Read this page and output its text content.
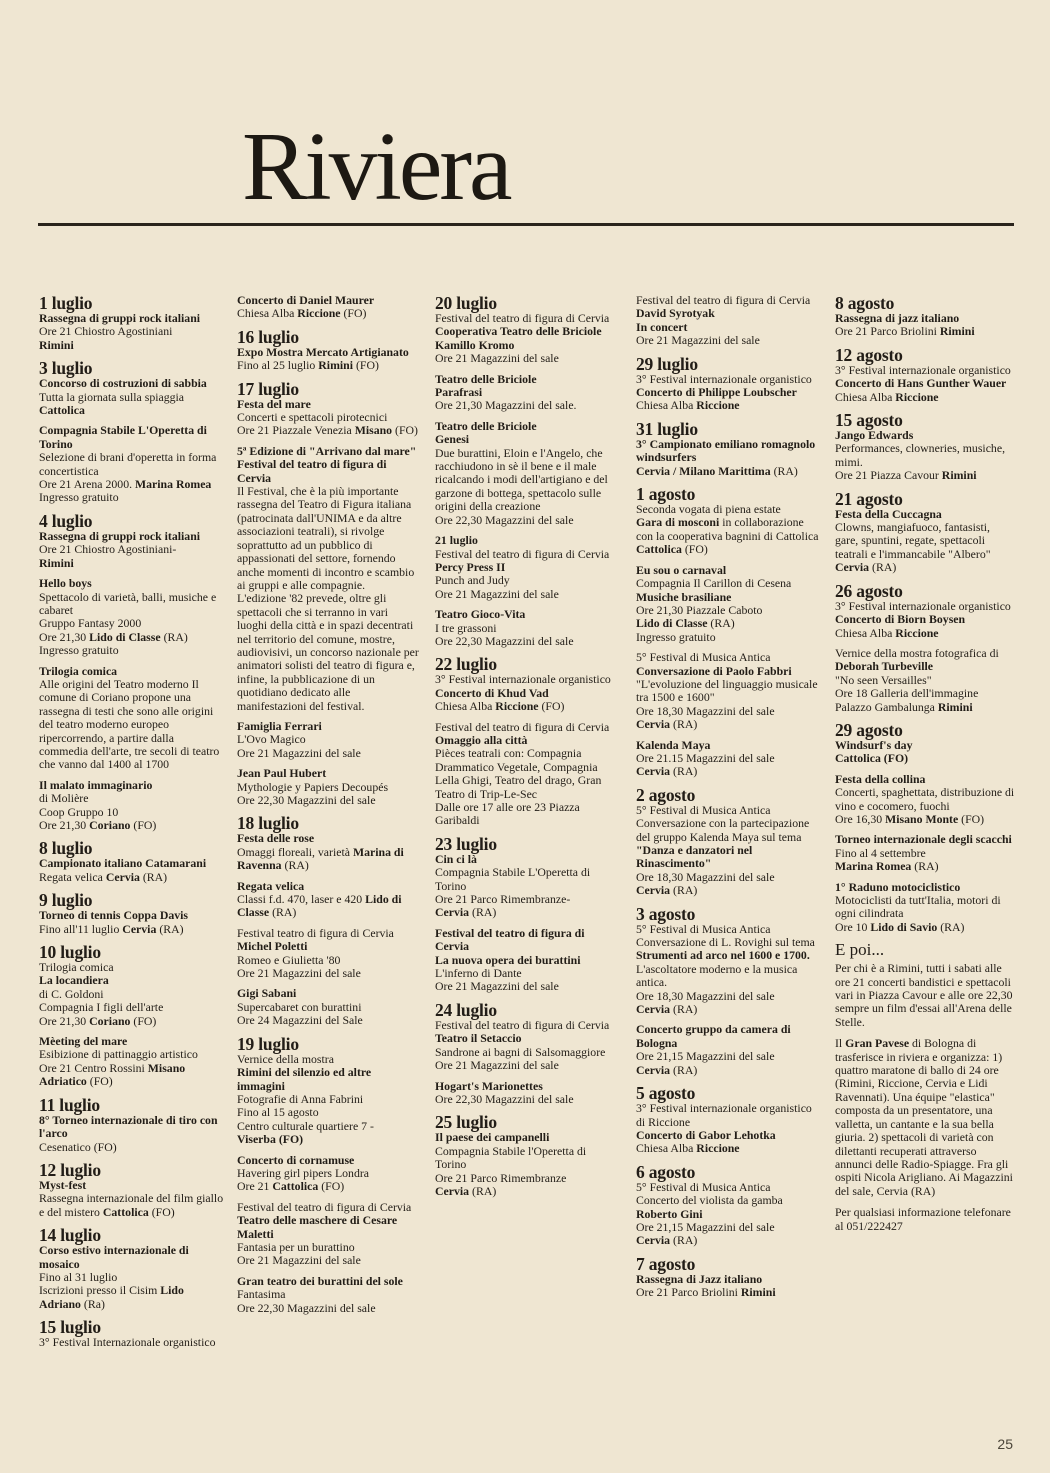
Riviera
1 luglio
Rassegna di gruppi rock italiani
Ore 21 Chiostro Agostiniani
Rimini
3 luglio
Concorso di costruzioni di sabbia
Tutta la giornata sulla spiaggia
Cattolica
Compagnia Stabile L'Operetta di Torino
Selezione di brani d'operetta in forma concertistica
Ore 21 Arena 2000. Marina Romea
Ingresso gratuito
4 luglio
Rassegna di gruppi rock italiani
Ore 21 Chiostro Agostiniani-
Rimini
Hello boys
Spettacolo di varietà, balli, musiche e cabaret
Gruppo Fantasy 2000
Ore 21,30 Lido di Classe (RA)
Ingresso gratuito
Trilogia comica
Alle origini del Teatro moderno Il comune di Coriano propone una rassegna di testi che sono alle origini del teatro moderno europeo ripercorrendo, a partire dalla commedia dell'arte, tre secoli di teatro che vanno dal 1400 al 1700
Il malato immaginario
di Molière
Coop Gruppo 10
Ore 21,30 Coriano (FO)
8 luglio
Campionato italiano Catamarani
Regata velica Cervia (RA)
9 luglio
Torneo di tennis Coppa Davis
Fino all'11 luglio Cervia (RA)
10 luglio
Trilogia comica
La locandiera
di C. Goldoni
Compagnia I figli dell'arte
Ore 21,30 Coriano (FO)
Mèeting del mare
Esibizione di pattinaggio artistico
Ore 21 Centro Rossini Misano Adriatico (FO)
11 luglio
8° Torneo internazionale di tiro con l'arco
Cesenatico (FO)
12 luglio
Myst-fest
Rassegna internazionale del film giallo e del mistero Cattolica (FO)
14 luglio
Corso estivo internazionale di mosaico
Fino al 31 luglio
Iscrizioni presso il Cisim Lido Adriano (Ra)
15 luglio
3° Festival Internazionale organistico
Concerto di Daniel Maurer
Chiesa Alba Riccione (FO)
16 luglio
Expo Mostra Mercato Artigianato
Fino al 25 luglio Rimini (FO)
17 luglio
Festa del mare
Concerti e spettacoli pirotecnici
Ore 21 Piazzale Venezia Misano (FO)
5ª Edizione di "Arrivano dal mare"
Festival del teatro di figura di Cervia
Il Festival, che è la più importante rassegna del Teatro di Figura italiana (patrocinata dall'UNIMA e da altre associazioni teatrali), si rivolge soprattutto ad un pubblico di appassionati del settore, fornendo anche momenti di incontro e scambio ai gruppi e alle compagnie.
L'edizione '82 prevede, oltre gli spettacoli che si terranno in vari luoghi della città e in spazi decentrati nel territorio del comune, mostre, audiovisivi, un concorso nazionale per animatori solisti del teatro di figura e, infine, la pubblicazione di un quotidiano dedicato alle manifestazioni del festival.
Famiglia Ferrari
L'Ovo Magico
Ore 21 Magazzini del sale
Jean Paul Hubert
Mythologie y Papiers Decoupés
Ore 22,30 Magazzini del sale
18 luglio
Festa delle rose
Omaggi floreali, varietà Marina di Ravenna (RA)
Regata velica
Classi f.d. 470, laser e 420 Lido di Classe (RA)
Festival teatro di figura di Cervia
Michel Poletti
Romeo e Giulietta '80
Ore 21 Magazzini del sale
Gigi Sabani
Supercabaret con burattini
Ore 24 Magazzini del Sale
19 luglio
Vernice della mostra
Rimini del silenzio ed altre immagini
Fotografie di Anna Fabrini
Fino al 15 agosto
Centro culturale quartiere 7 -
Viserba (FO)
Concerto di cornamuse
Havering girl pipers Londra
Ore 21 Cattolica (FO)
Festival del teatro di figura di Cervia
Teatro delle maschere di Cesare Maletti
Fantasia per un burattino
Ore 21 Magazzini del sale
Gran teatro dei burattini del sole
Fantasima
Ore 22,30 Magazzini del sale
20 luglio
Festival del teatro di figura di Cervia
Cooperativa Teatro delle Briciole Kamillo Kromo
Ore 21 Magazzini del sale
Teatro delle Briciole
Parafrasi
Ore 21,30 Magazzini del sale.
Teatro delle Briciole
Genesi
Due burattini, Eloin e l'Angelo, che racchiudono in sè il bene e il male ricalcando i modi dell'artigiano e del garzone di bottega, spettacolo sulle origini della creazione
Ore 22,30 Magazzini del sale
21 luglio
Festival del teatro di figura di Cervia
Percy Press II
Punch and Judy
Ore 21 Magazzini del sale
Teatro Gioco-Vita
I tre grassoni
Ore 22,30 Magazzini del sale
22 luglio
3° Festival internazionale organistico
Concerto di Khud Vad
Chiesa Alba Riccione (FO)
Festival del teatro di figura di Cervia
Omaggio alla città
Pièces teatrali con: Compagnia Drammatico Vegetale, Compagnia Lella Ghigi, Teatro del drago, Gran Teatro di Trip-Le-Sec
Dalle ore 17 alle ore 23 Piazza Garibaldi
23 luglio
Cin ci là
Compagnia Stabile L'Operetta di Torino
Ore 21 Parco Rimembranze-
Cervia (RA)
Festival del teatro di figura di Cervia
La nuova opera dei burattini
L'inferno di Dante
Ore 21 Magazzini del sale
24 luglio
Festival del teatro di figura di Cervia
Teatro il Setaccio
Sandrone ai bagni di Salsomaggiore
Ore 21 Magazzini del sale
Hogart's Marionettes
Ore 22,30 Magazzini del sale
25 luglio
Il paese dei campanelli
Compagnia Stabile l'Operetta di Torino
Ore 21 Parco Rimembranze
Cervia (RA)
Festival del teatro di figura di Cervia
David Syrotyak
In concert
Ore 21 Magazzini del sale
29 luglio
3° Festival internazionale organistico
Concerto di Philippe Loubscher
Chiesa Alba Riccione
31 luglio
3° Campionato emiliano romagnolo windsurfers
Cervia / Milano Marittima (RA)
1 agosto
Seconda vogata di piena estate
Gara di mosconi in collaborazione con la cooperativa bagnini di Cattolica
Cattolica (FO)
Eu sou o carnaval
Compagnia Il Carillon di Cesena
Musiche brasiliane
Ore 21,30 Piazzale Caboto
Lido di Classe (RA)
Ingresso gratuito
5° Festival di Musica Antica
Conversazione di Paolo Fabbri
"L'evoluzione del linguaggio musicale tra 1500 e 1600"
Ore 18,30 Magazzini del sale
Cervia (RA)
Kalenda Maya
Ore 21.15 Magazzini del sale
Cervia (RA)
2 agosto
5° Festival di Musica Antica
Conversazione con la partecipazione del gruppo Kalenda Maya sul tema "Danza e danzatori nel Rinascimento"
Ore 18,30 Magazzini del sale
Cervia (RA)
3 agosto
5° Festival di Musica Antica
Conversazione di L. Rovighi sul tema
Strumenti ad arco nel 1600 e 1700.
L'ascoltatore moderno e la musica antica.
Ore 18,30 Magazzini del sale
Cervia (RA)
Concerto gruppo da camera di Bologna
Ore 21,15 Magazzini del sale
Cervia (RA)
5 agosto
3° Festival internazionale organistico di Riccione
Concerto di Gabor Lehotka
Chiesa Alba Riccione
6 agosto
5° Festival di Musica Antica
Concerto del violista da gamba
Roberto Gini
Ore 21,15 Magazzini del sale
Cervia (RA)
7 agosto
Rassegna di Jazz italiano
Ore 21 Parco Briolini Rimini
8 agosto
Rassegna di jazz italiano
Ore 21 Parco Briolini Rimini
12 agosto
3° Festival internazionale organistico
Concerto di Hans Gunther Wauer
Chiesa Alba Riccione
15 agosto
Jango Edwards
Performances, clowneries, musiche, mimi.
Ore 21 Piazza Cavour Rimini
21 agosto
Festa della Cuccagna
Clowns, mangiafuoco, fantasisti, gare, spuntini, regate, spettacoli teatrali e l'immancabile "Albero"
Cervia (RA)
26 agosto
3° Festival internazionale organistico
Concerto di Biorn Boysen
Chiesa Alba Riccione
Vernice della mostra fotografica di Deborah Turbeville
"No seen Versailles"
Ore 18 Galleria dell'immagine
Palazzo Gambalunga Rimini
29 agosto
Windsurf's day
Cattolica (FO)
Festa della collina
Concerti, spaghettata, distribuzione di vino e cocomero, fuochi
Ore 16,30 Misano Monte (FO)
Torneo internazionale degli scacchi
Fino al 4 settembre
Marina Romea (RA)
1° Raduno motociclistico
Motociclisti da tutt'Italia, motori di ogni cilindrata
Ore 10 Lido di Savio (RA)
E poi...
Per chi è a Rimini, tutti i sabati alle ore 21 concerti bandistici e spettacoli vari in Piazza Cavour e alle ore 22,30 sempre un film d'essai all'Arena delle Stelle.
Il Gran Pavese di Bologna di trasferisce in riviera e organizza: 1) quattro maratone di ballo di 24 ore (Rimini, Riccione, Cervia e Lidi Ravennati). Una équipe "elastica" composta da un presentatore, una valletta, un cantante e la sua bella giuria. 2) spettacoli di varietà con dilettanti recuperati attraverso annunci delle Radio-Spiagge. Fra gli ospiti Nicola Arigliano. Ai Magazzini del sale, Cervia (RA)
Per qualsiasi informazione telefonare al 051/222427
25
